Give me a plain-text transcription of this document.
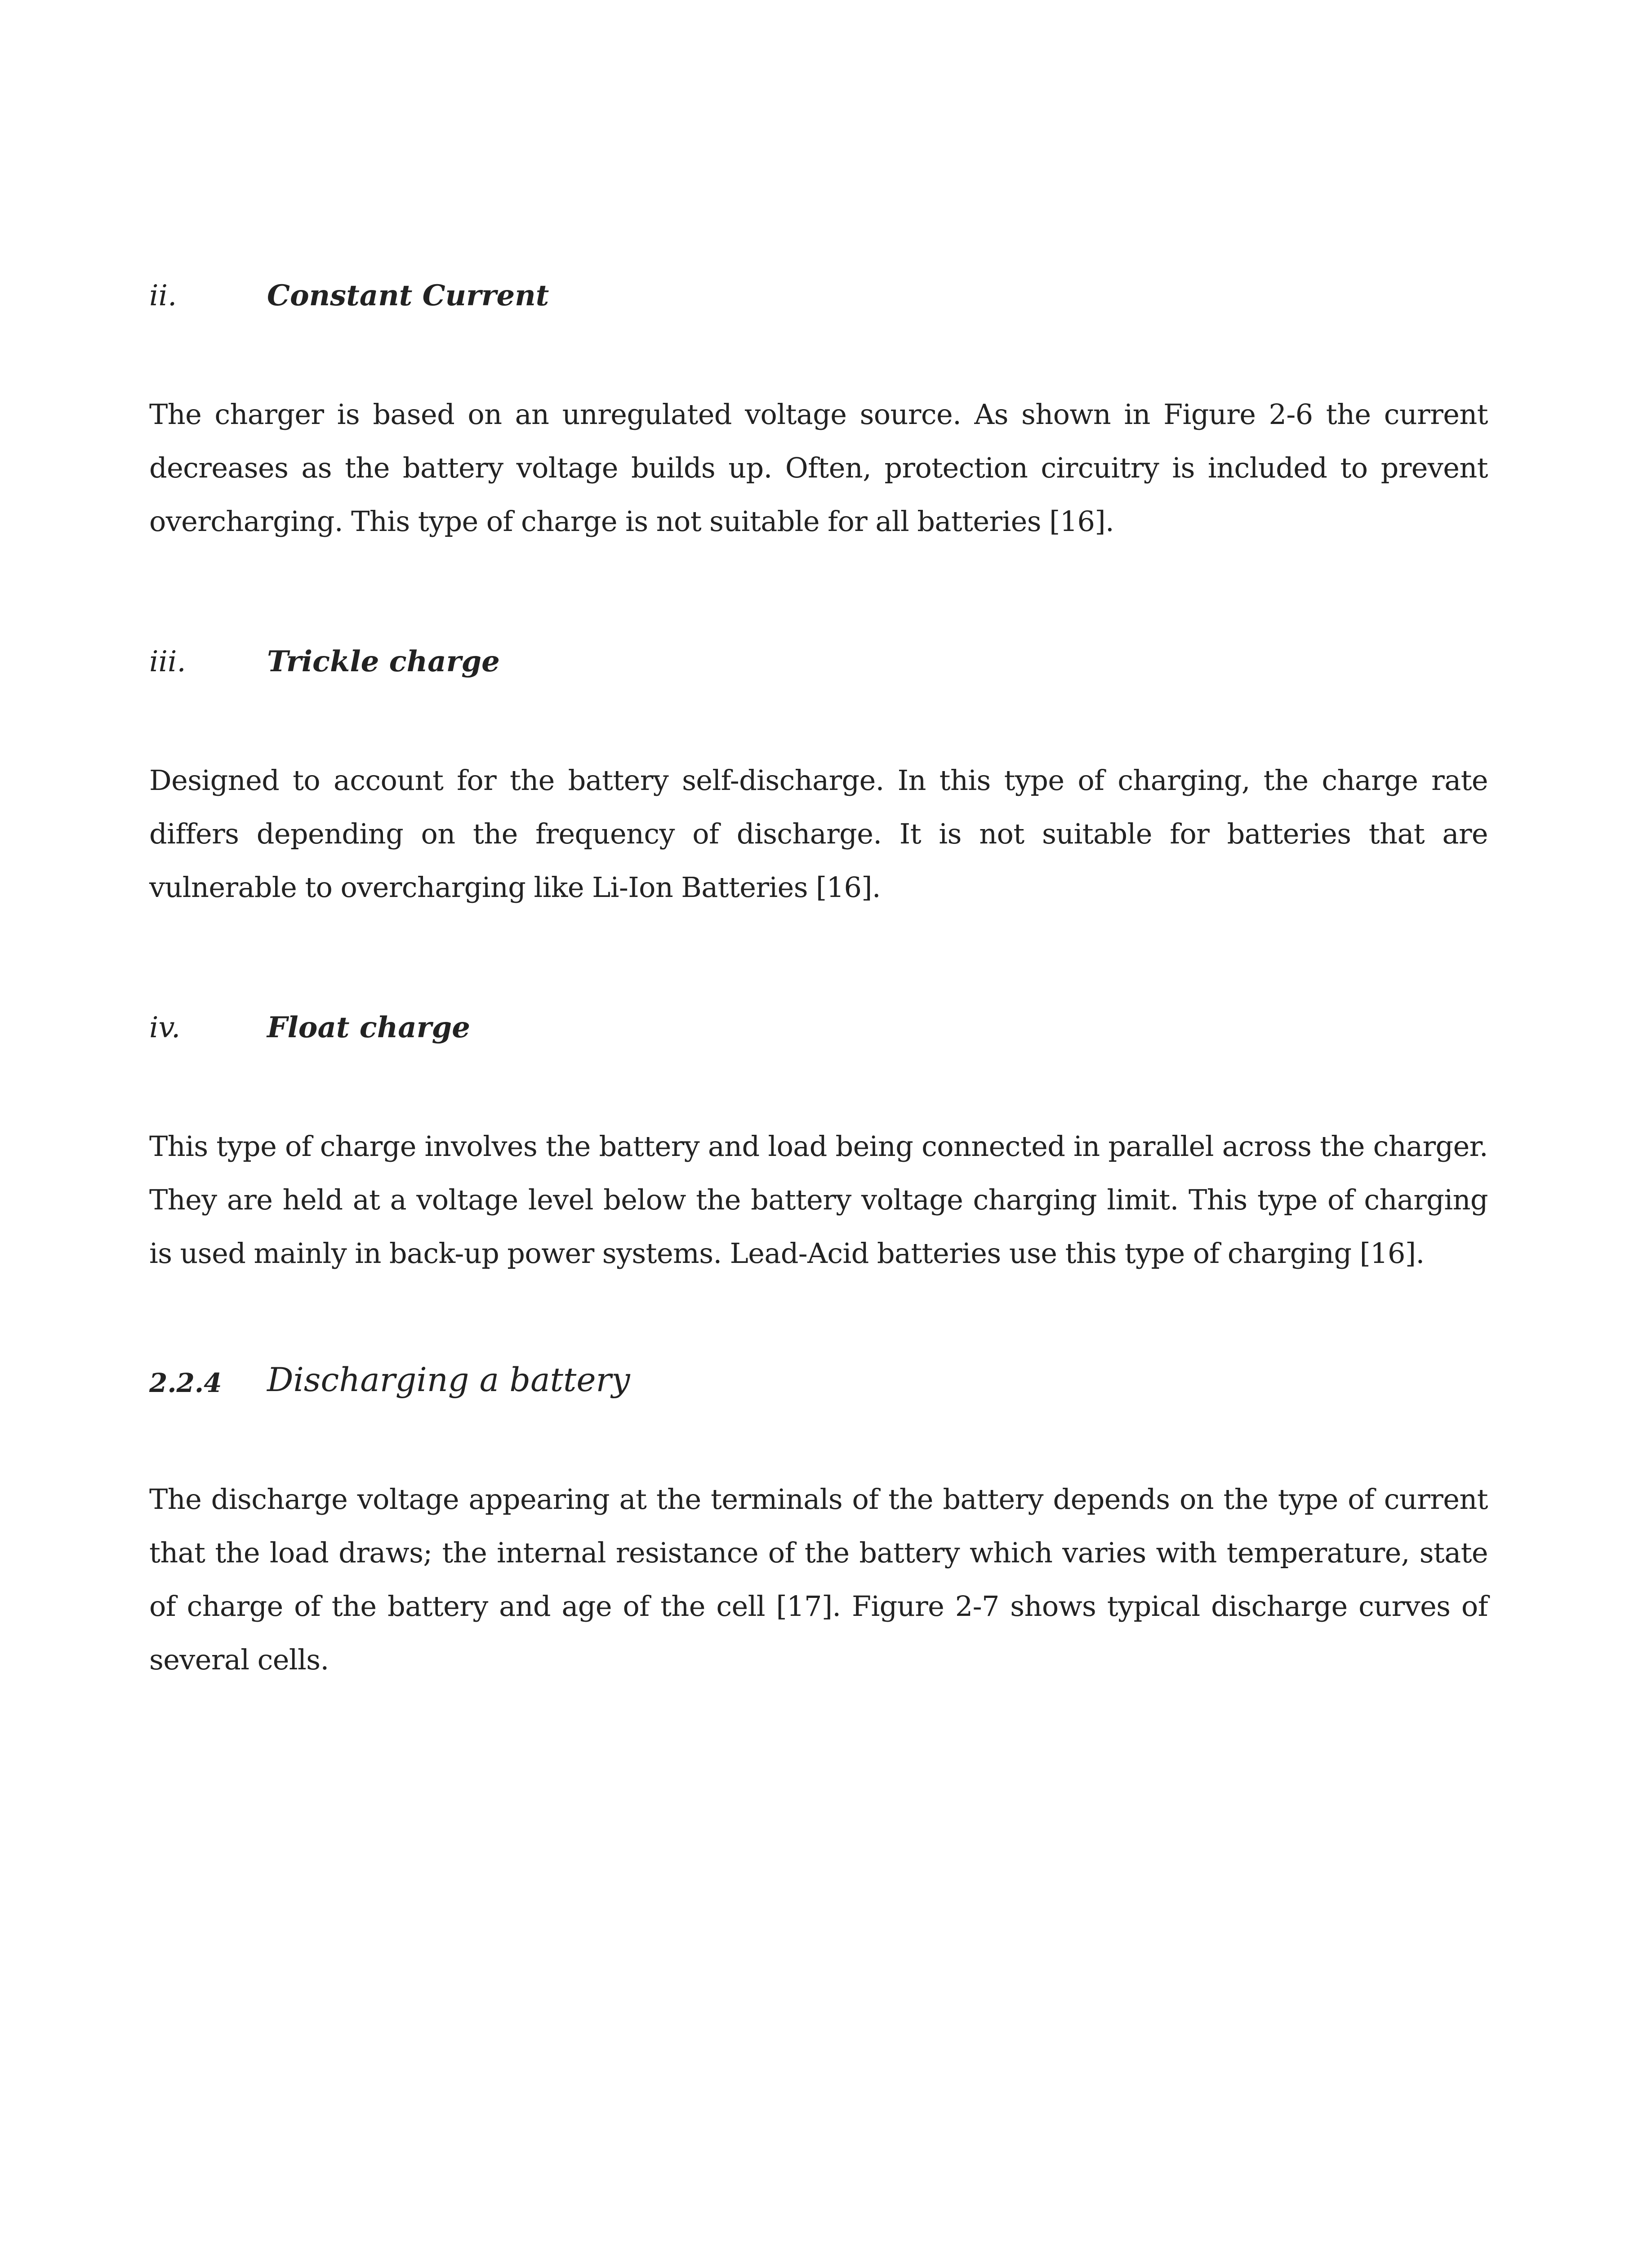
ii.	Constant Current

The charger is based on an unregulated voltage source. As shown in Figure 2-6 the current decreases as the battery voltage builds up. Often, protection circuitry is included to prevent overcharging. This type of charge is not suitable for all batteries [16].

iii.	Trickle charge

Designed to account for the battery self-discharge. In this type of charging, the charge rate differs depending on the frequency of discharge. It is not suitable for batteries that are vulnerable to overcharging like Li-Ion Batteries [16].

iv.	Float charge

This type of charge involves the battery and load being connected in parallel across the charger. They are held at a voltage level below the battery voltage charging limit. This type of charging is used mainly in back-up power systems. Lead-Acid batteries use this type of charging [16].

2.2.4 Discharging a battery

The discharge voltage appearing at the terminals of the battery depends on the type of current that the load draws; the internal resistance of the battery which varies with temperature, state of charge of the battery and age of the cell [17]. Figure 2-7 shows typical discharge curves of several cells.
